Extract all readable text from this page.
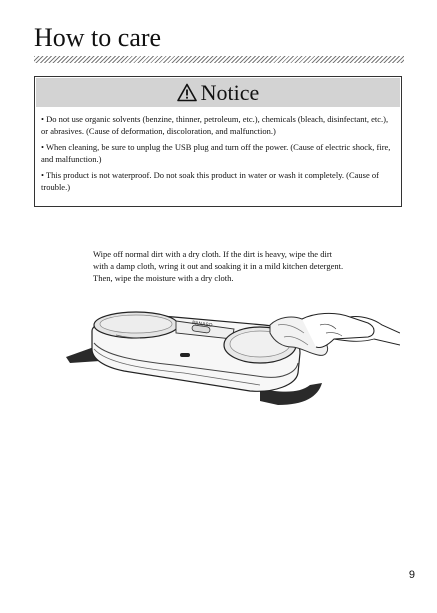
How to care
Notice
• Do not use organic solvents (benzine, thinner, petroleum, etc.), chemicals (bleach, disinfectant, etc.), or abrasives. (Cause of deformation, discoloration, and malfunction.)
• When cleaning, be sure to unplug the USB plug and turn off the power. (Cause of electric shock, fire, and malfunction.)
• This product is not waterproof. Do not soak this product in water or wash it completely. (Cause of trouble.)

Wipe off normal dirt with a dry cloth. If the dirt is heavy, wipe the dirt with a damp cloth, wring it out and soaking it in a mild kitchen detergent.

Then, wipe the moisture with a dry cloth.

PANASO
9
